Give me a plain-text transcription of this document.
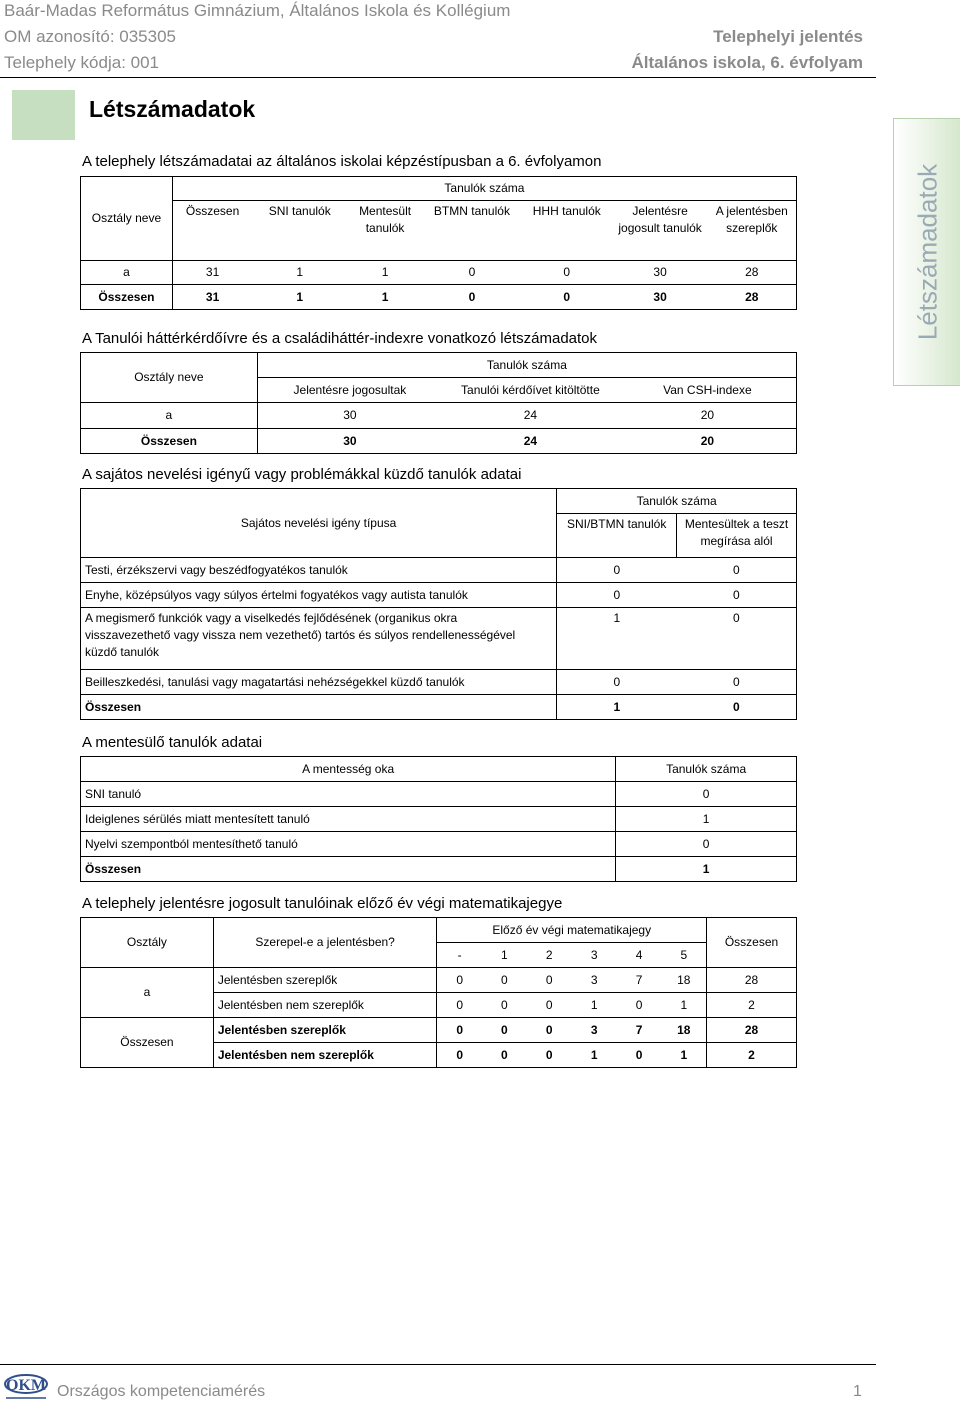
Baár-Madas Református Gimnázium, Általános Iskola és Kollégium
OM azonosító: 035305
Telephely kódja: 001
Telephelyi jelentés
Általános iskola, 6. évfolyam
Létszámadatok
Létszámadatok
A telephely létszámadatai az általános iskolai képzéstípusban a 6. évfolyamon
Osztály neve	Tanulók száma						
	Összesen	SNI tanulók	Mentesült tanulók	BTMN tanulók	HHH tanulók	Jelentésre jogosult tanulók	A jelentésben szereplők
a	31	1	1	0	0	30	28
Összesen	31	1	1	0	0	30	28
A Tanulói háttérkérdőívre és a családiháttér-indexre vonatkozó létszámadatok
Osztály neve	Tanulók száma		
	Jelentésre jogosultak	Tanulói kérdőívet kitöltötte	Van CSH-indexe
a	30	24	20
Összesen	30	24	20
A sajátos nevelési igényű vagy problémákkal küzdő tanulók adatai
Sajátos nevelési igény típusa	Tanulók száma	
	SNI/BTMN tanulók	Mentesültek a teszt megírása alól
Testi, érzékszervi vagy beszédfogyatékos tanulók	0	0
Enyhe, középsúlyos vagy súlyos értelmi fogyatékos vagy autista tanulók	0	0

A megismerő funkciók vagy a viselkedés fejlődésének (organikus okra
visszavezethető vagy vissza nem vezethető) tartós és súlyos rendellenességével
küzdő tanulók	1	0
Beilleszkedési, tanulási vagy magatartási nehézségekkel küzdő tanulók	0	0
Összesen	1	0
A mentesülő tanulók adatai
A mentesség oka	Tanulók száma
SNI tanuló	0
Ideiglenes sérülés miatt mentesített tanuló	1
Nyelvi szempontból mentesíthető tanuló	0
Összesen	1
A telephely jelentésre jogosult tanulóinak előző év végi matematikajegye
Osztály	Szerepel-e a jelentésben?	Előző év végi matematikajegy						Összesen
		-	1	2	3	4	5	
a	Jelentésben szereplők	0	0	0	3	7	18	28
	Jelentésben nem szereplők	0	0	0	1	0	1	2
Összesen	Jelentésben szereplők	0	0	0	3	7	18	28
	Jelentésben nem szereplők	0	0	0	1	0	1	2
OKM Országos kompetenciamérés	1
